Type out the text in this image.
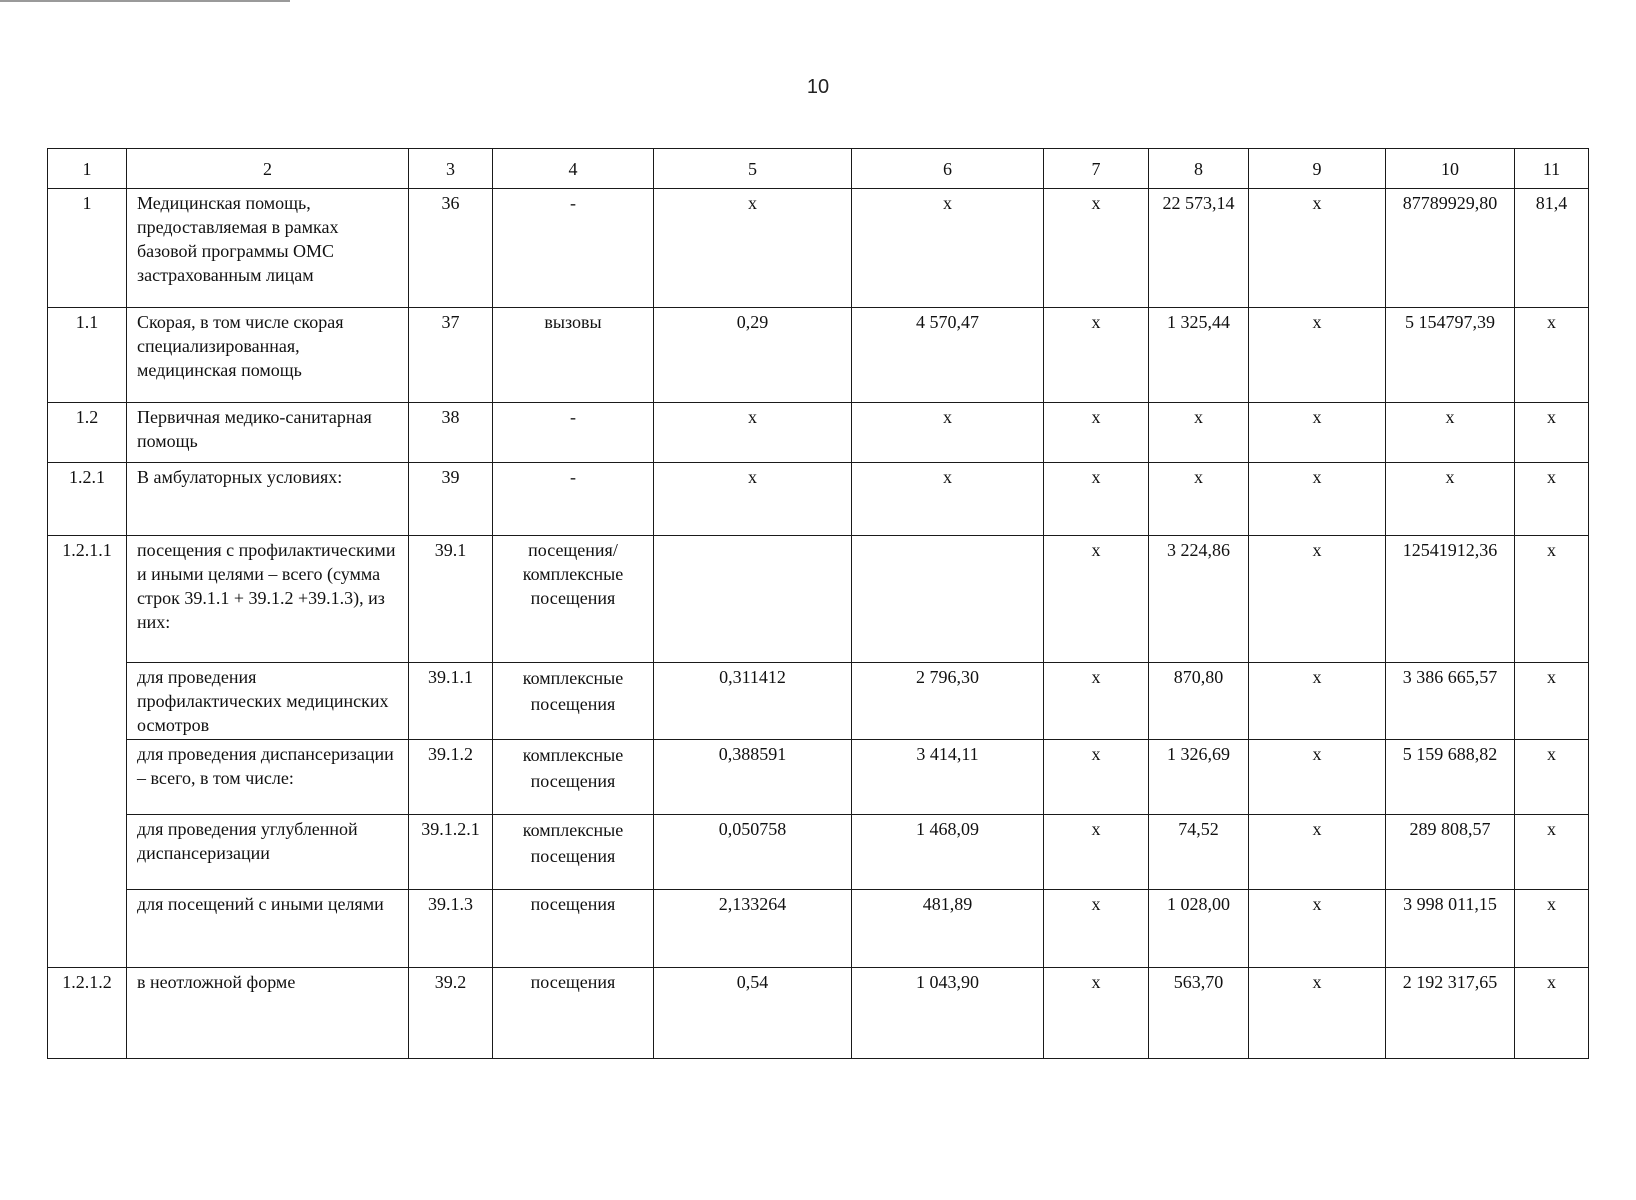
10
1	2	3	4	5	6	7	8	9	10	11
1	Медицинская помощь, предоставляемая в рамках базовой программы ОМС застрахованным лицам	36	-	x	x	x	22 573,14	x	87789929,80	81,4
1.1	Скорая, в том числе скорая специализированная, медицинская помощь	37	вызовы	0,29	4 570,47	x	1 325,44	x	5 154797,39	x
1.2	Первичная медико-санитарная помощь	38	-	x	x	x	x	x	x	x
1.2.1	В амбулаторных условиях:	39	-	x	x	x	x	x	x	x
1.2.1.1	посещения с профилактическими и иными целями – всего (сумма строк 39.1.1 + 39.1.2 +39.1.3), из них:	39.1	посещения/ комплексные посещения			x	3 224,86	x	12541912,36	x
	для проведения профилактических медицинских осмотров	39.1.1	комплексные посещения	0,311412	2 796,30	x	870,80	x	3 386 665,57	x
	для проведения диспансеризации – всего, в том числе:	39.1.2	комплексные посещения	0,388591	3 414,11	x	1 326,69	x	5 159 688,82	x
	для проведения углубленной диспансеризации	39.1.2.1	комплексные посещения	0,050758	1 468,09	x	74,52	x	289 808,57	x
	для посещений с иными целями	39.1.3	посещения	2,133264	481,89	x	1 028,00	x	3 998 011,15	x
1.2.1.2	в неотложной форме	39.2	посещения	0,54	1 043,90	x	563,70	x	2 192 317,65	x
